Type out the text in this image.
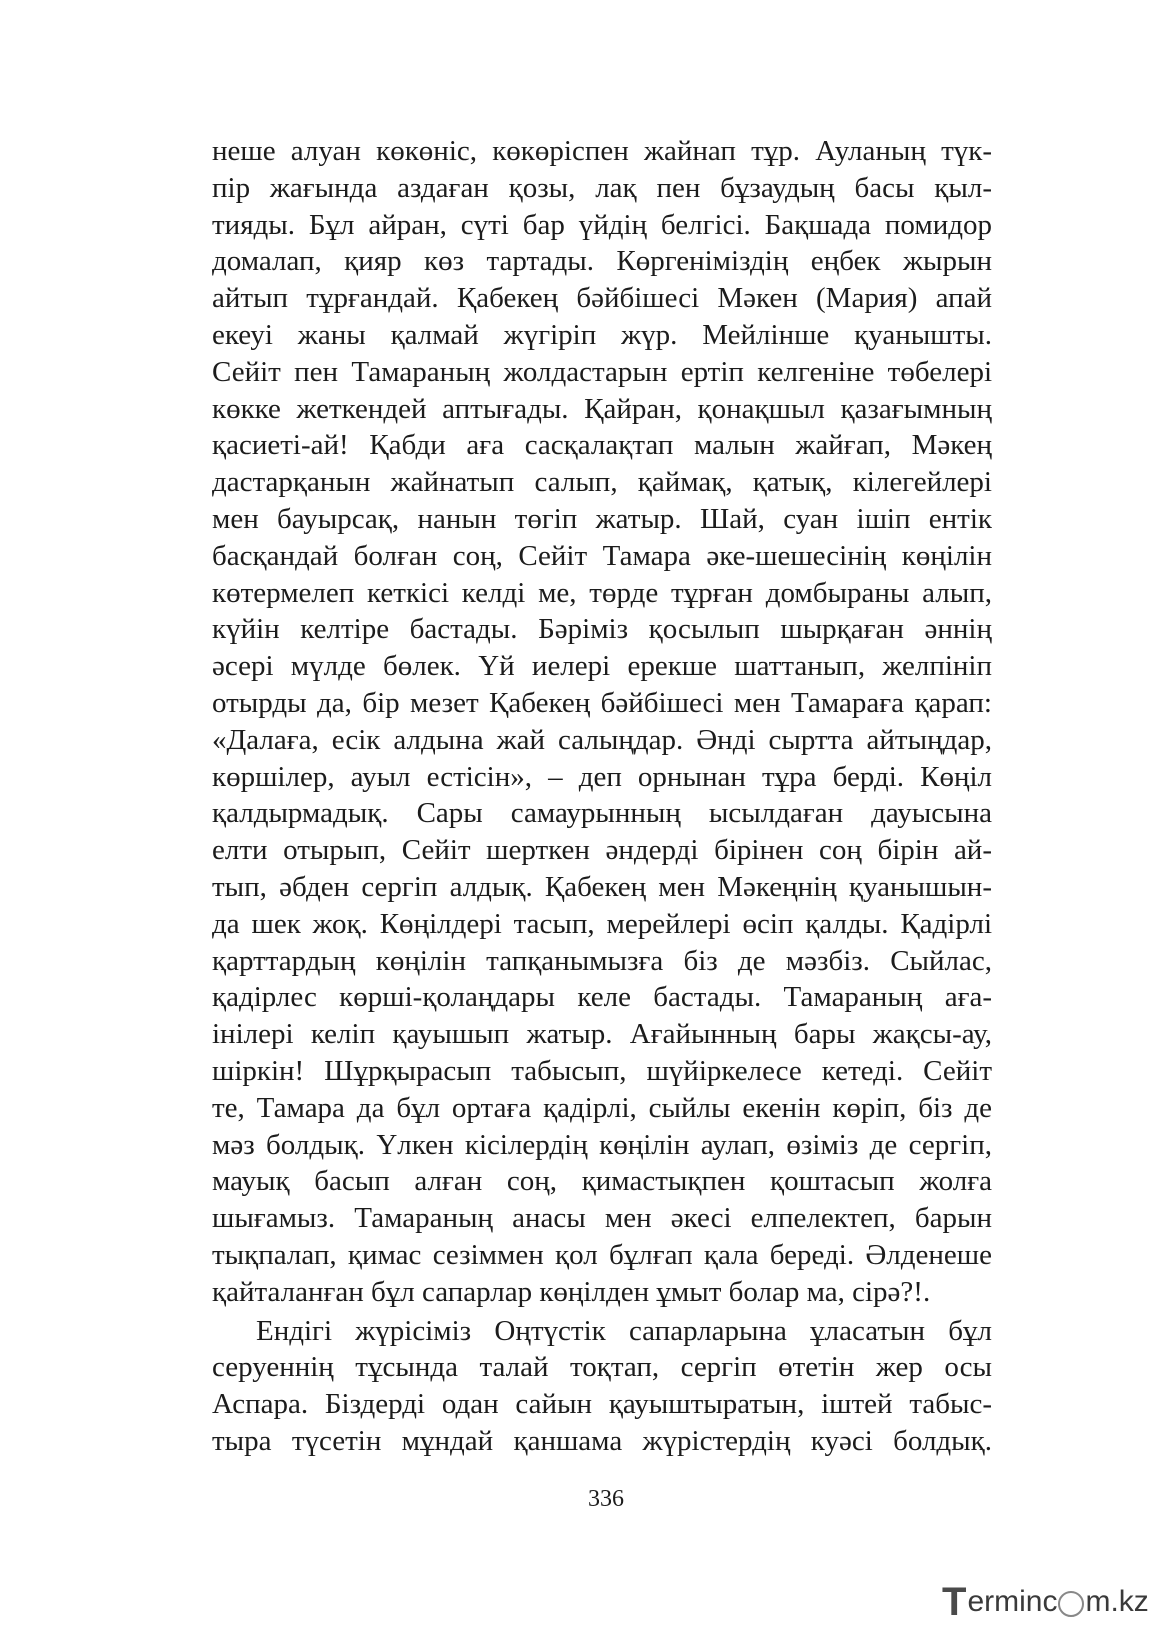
неше алуан көкөніс, көкөріспен жайнап тұр. Ауланың түк-
пір жағында аздаған қозы, лақ пен бұзаудың басы қыл-
тияды. Бұл айран, сүті бар үйдің белгісі. Бақшада помидор
домалап, қияр көз тартады. Көргеніміздің еңбек жырын
айтып тұрғандай. Қабекең бәйбішесі Мәкен (Мария) апай
екеуі жаны қалмай жүгіріп жүр. Мейлінше қуанышты.
Сейіт пен Тамараның жолдастарын ертіп келгеніне төбелері
көкке жеткендей аптығады. Қайран, қонақшыл қазағымның
қасиеті-ай! Қабди аға сасқалақтап малын жайғап, Мәкең
дастарқанын жайнатып салып, қаймақ, қатық, кілегейлері
мен бауырсақ, нанын төгіп жатыр. Шай, суан ішіп ентік
басқандай болған соң, Сейіт Тамара әке-шешесінің көңілін
көтермелеп кеткісі келді ме, төрде тұрған домбыраны алып,
күйін келтіре бастады. Бәріміз қосылып шырқаған әннің
әсері мүлде бөлек. Үй иелері ерекше шаттанып, желпініп
отырды да, бір мезет Қабекең бәйбішесі мен Тамараға қарап:
«Далаға, есік алдына жай салыңдар. Әнді сыртта айтыңдар,
көршілер, ауыл естісін», – деп орнынан тұра берді. Көңіл
қалдырмадық. Сары самаурынның ысылдаған дауысына
елти отырып, Сейіт шерткен әндерді бірінен соң бірін ай-
тып, әбден сергіп алдық. Қабекең мен Мәкеңнің қуанышын-
да шек жоқ. Көңілдері тасып, мерейлері өсіп қалды. Қадірлі
қарттардың көңілін тапқанымызға біз де мәзбіз. Сыйлас,
қадірлес көрші-қолаңдары келе бастады. Тамараның аға-
інілері келіп қауышып жатыр. Ағайынның бары жақсы-ау,
шіркін! Шұрқырасып табысып, шүйіркелесе кетеді. Сейіт
те, Тамара да бұл ортаға қадірлі, сыйлы екенін көріп, біз де
мәз болдық. Үлкен кісілердің көңілін аулап, өзіміз де сергіп,
мауық басып алған соң, қимастықпен қоштасып жолға
шығамыз. Тамараның анасы мен әкесі елпелектеп, барын
тықпалап, қимас сезіммен қол бұлғап қала береді. Әлденеше
қайталанған бұл сапарлар көңілден ұмыт болар ма, сірә?!.
Ендігі жүрісіміз Оңтүстік сапарларына ұласатын бұл
серуеннің тұсында талай тоқтап, сергіп өтетін жер осы
Аспара. Біздерді одан сайын қауыштыратын, іштей табыс-
тыра түсетін мұндай қаншама жүрістердің куәсі болдық.
336
T erminc m.kz
